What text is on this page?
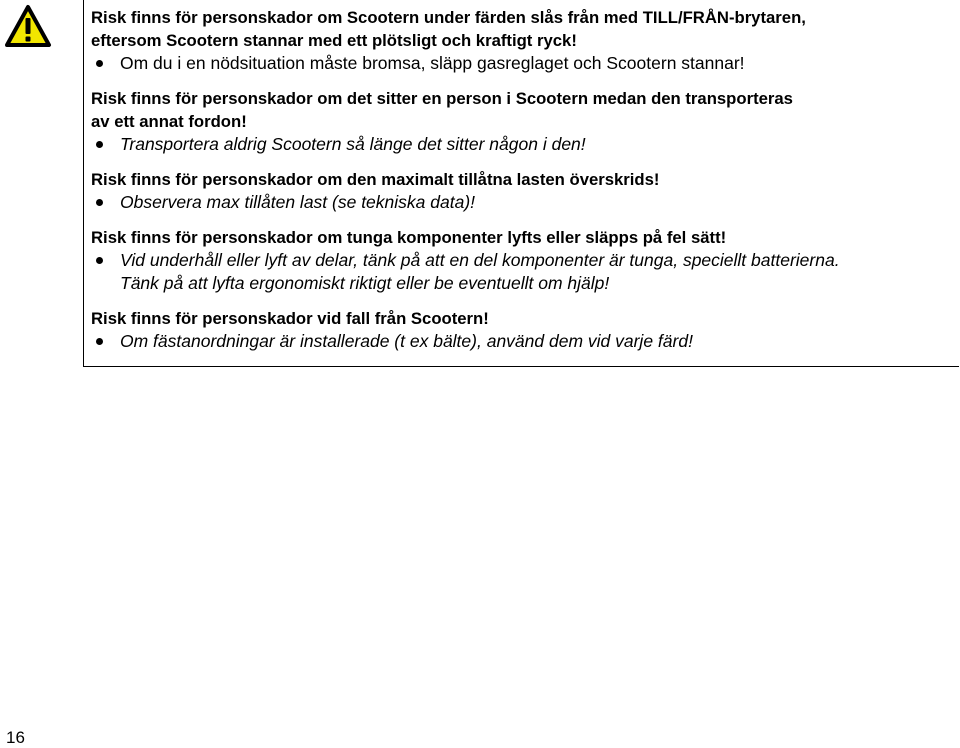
Risk finns för personskador om Scootern under färden slås från med TILL/FRÅN-brytaren,
eftersom Scootern stannar med ett plötsligt och kraftigt ryck!
Om du i en nödsituation måste bromsa, släpp gasreglaget och Scootern stannar!
Risk finns för personskador om det sitter en person i Scootern medan den transporteras
av ett annat fordon!
Transportera aldrig Scootern så länge det sitter någon i den!
Risk finns för personskador om den maximalt tillåtna lasten överskrids!
Observera max tillåten last (se tekniska data)!
Risk finns för personskador om tunga komponenter lyfts eller släpps på fel sätt!
Vid underhåll eller lyft av delar, tänk på att en del komponenter är tunga, speciellt batterierna.
Tänk på att lyfta ergonomiskt riktigt eller be eventuellt om hjälp!
Risk finns för personskador vid fall från Scootern!
Om fästanordningar är installerade (t ex bälte), använd dem vid varje färd!
16
